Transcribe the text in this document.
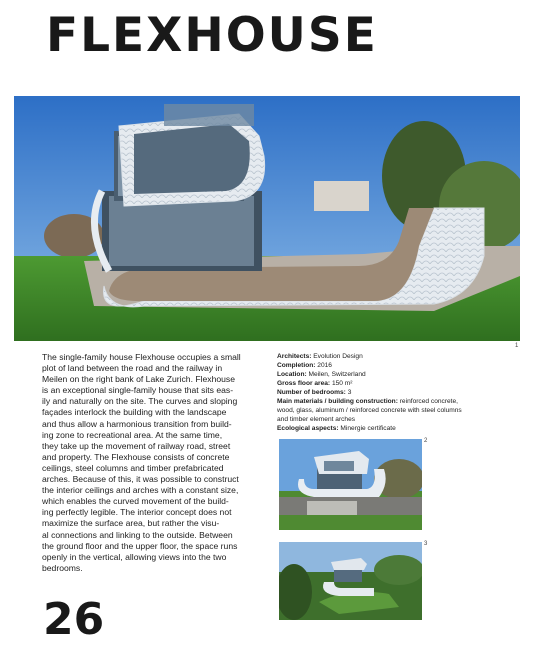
FLEXHOUSE
1
The single-family house Flexhouse occupies a small
plot of land between the road and the railway in
Meilen on the right bank of Lake Zurich. Flexhouse
is an exceptional single-family house that sits eas-
ily and naturally on the site. The curves and sloping
façades interlock the building with the landscape
and thus allow a harmonious transition from build-
ing zone to recreational area. At the same time,
they take up the movement of railway road, street
and property. The Flexhouse consists of concrete
ceilings, steel columns and timber prefabricated
arches. Because of this, it was possible to construct
the interior ceilings and arches with a constant size,
which enables the curved movement of the build-
ing perfectly legible. The interior concept does not
maximize the surface area, but rather the visu-
al connections and linking to the outside. Between
the ground floor and the upper floor, the space runs
openly in the vertical, allowing views into the two
bedrooms.
Architects: Evolution Design
Completion: 2016
Location: Meilen, Switzerland
Gross floor area: 150 m²
Number of bedrooms: 3
Main materials / building construction: reinforced concrete,
wood, glass, aluminum / reinforced concrete with steel columns
and timber element arches
Ecological aspects: Minergie certificate
2
3
26
